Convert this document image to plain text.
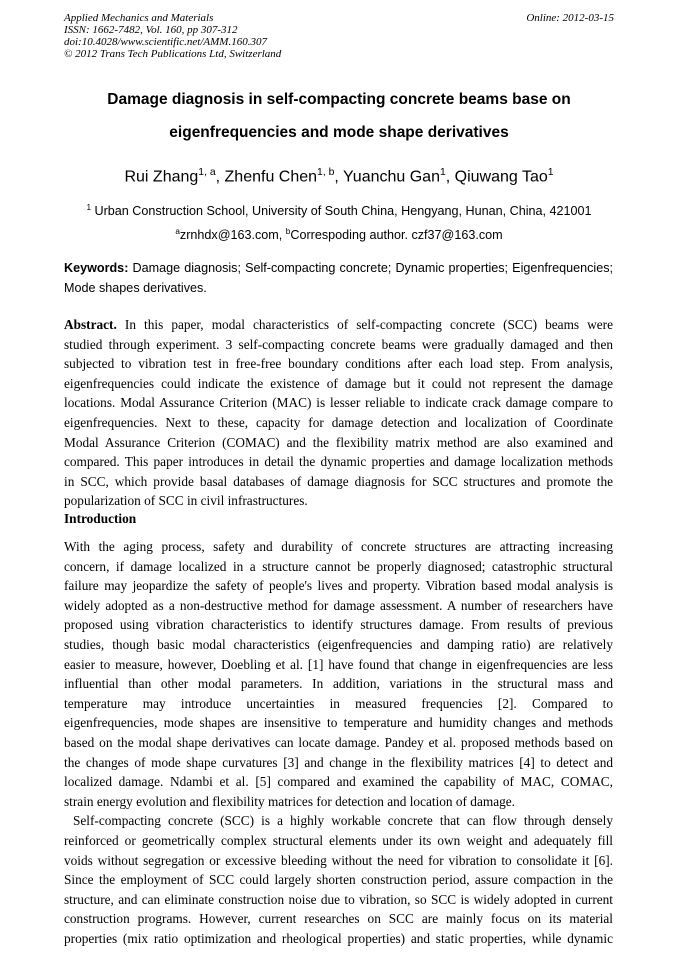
Applied Mechanics and Materials
ISSN: 1662-7482, Vol. 160, pp 307-312
doi:10.4028/www.scientific.net/AMM.160.307
© 2012 Trans Tech Publications Ltd, Switzerland
Online: 2012-03-15
Damage diagnosis in self-compacting concrete beams base on
eigenfrequencies and mode shape derivatives
Rui Zhang$^{1, a}$, Zhenfu Chen$^{1, b}$, Yuanchu Gan$^1$, Qiuwang Tao$^1$
$^1$ Urban Construction School, University of South China, Hengyang, Hunan, China, 421001
$^a$zrnhdx@163.com, $^b$Correspoding author. czf37@163.com
Keywords: Damage diagnosis; Self-compacting concrete; Dynamic properties; Eigenfrequencies;
Mode shapes derivatives.
Abstract. In this paper, modal characteristics of self-compacting concrete (SCC) beams were
studied through experiment. 3 self-compacting concrete beams were gradually damaged and then
subjected to vibration test in free-free boundary conditions after each load step. From analysis,
eigenfrequencies could indicate the existence of damage but it could not represent the damage
locations. Modal Assurance Criterion (MAC) is lesser reliable to indicate crack damage compare to
eigenfrequencies. Next to these, capacity for damage detection and localization of Coordinate
Modal Assurance Criterion (COMAC) and the flexibility matrix method are also examined and
compared. This paper introduces in detail the dynamic properties and damage localization methods
in SCC, which provide basal databases of damage diagnosis for SCC structures and promote the
popularization of SCC in civil infrastructures.
Introduction
With the aging process, safety and durability of concrete structures are attracting increasing
concern, if damage localized in a structure cannot be properly diagnosed; catastrophic structural
failure may jeopardize the safety of people's lives and property. Vibration based modal analysis is
widely adopted as a non-destructive method for damage assessment. A number of researchers have
proposed using vibration characteristics to identify structures damage. From results of previous
studies, though basic modal characteristics (eigenfrequencies and damping ratio) are relatively
easier to measure, however, Doebling et al. [1] have found that change in eigenfrequencies are less
influential than other modal parameters. In addition, variations in the structural mass and
temperature may introduce uncertainties in measured frequencies [2]. Compared to
eigenfrequencies, mode shapes are insensitive to temperature and humidity changes and methods
based on the modal shape derivatives can locate damage. Pandey et al. proposed methods based on
the changes of mode shape curvatures [3] and change in the flexibility matrices [4] to detect and
localized damage. Ndambi et al. [5] compared and examined the capability of MAC, COMAC,
strain energy evolution and flexibility matrices for detection and location of damage.
Self-compacting concrete (SCC) is a highly workable concrete that can flow through densely
reinforced or geometrically complex structural elements under its own weight and adequately fill
voids without segregation or excessive bleeding without the need for vibration to consolidate it [6].
Since the employment of SCC could largely shorten construction period, assure compaction in the
structure, and can eliminate construction noise due to vibration, so SCC is widely adopted in current
construction programs. However, current researches on SCC are mainly focus on its material
properties (mix ratio optimization and rheological properties) and static properties, while dynamic
